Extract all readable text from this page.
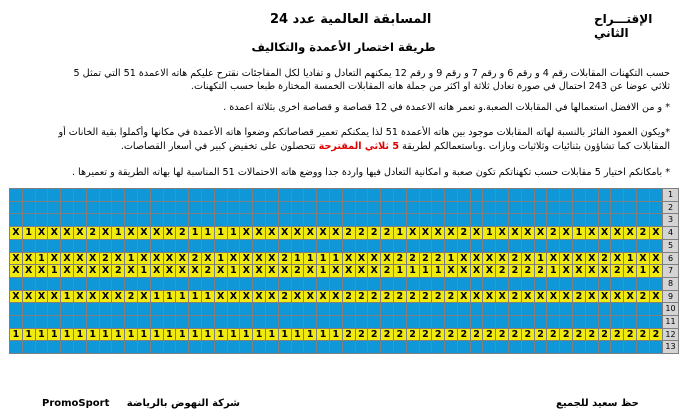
الإقتـــراح الثاني
المسابقة العالمية عدد 24
طريقة اختصار الأعمدة والتكاليف
حسب التكهنات المقابلات رقم 4 و رقم 6 و رقم 7 و رقم 9 و رقم 12 يمكنهم التعادل و تفاديا لكل المفاجئات نقترح عليكم هاته الاعمدة 51 التي تمثل 5
ثلاثي عوضا عن 243 احتمال في صورة تعادل ثلاثة او اكثر من جملة هاته المقابلات الخمسة المختارة طبعا حسب التكهنات.
* و من الافضل استعمالها في المقابلات الصعبة.و تعمر هاته الاعمدة في 12 قصاصة و قصاصة اخرى بثلاثة اعمدة .
*ويكون العمود الفائز بالنسبة لهاته المقابلات موجود بين هاته الأعمدة 51 لذا يمكنكم تعمير قصاصاتكم وضعوا هاته الأعمدة في مكانها وأكملوا بقية الخانات أو
المقابلات كما تشاؤون بثنائيات وثلاثيات وبازات .وباستعمالكم لطريقة 5 ثلاثي المقترحة تتحصلون على تخفيض كبير في أسعار القصاصات.
* بامكانكم اختيار 5 مقابلات حسب تكهناتكم تكون صعبة و امكانية التعادل فيها واردة جدا ووضع هاته الاحتمالات 51 المناسبة لها بهاته الطريقة و تعميرها .
																																																			1
																																																			2
																																																			3
X	1	X	X	X	X	2	X	1	X	X	X	X	2	1	1	1	1	X	X	X	X	X	X	X	X	2	2	2	2	1	X	X	X	X	2	X	1	X	X	X	X	2	X	1	X	X	X	X	2	X	4
																																																			5
X	X	1	X	X	X	X	2	X	1	X	X	X	X	2	X	1	X	X	X	X	2	1	1	1	1	X	X	X	X	2	2	2	2	1	X	X	X	X	2	X	1	X	X	X	X	2	X	1	X	X	6
X	X	X	1	X	X	X	X	2	X	1	X	X	X	X	2	X	1	X	X	X	X	2	X	1	X	X	X	X	2	1	1	1	1	X	X	X	X	2	2	2	2	1	X	X	X	X	2	X	1	X	7
																																																			8
X	X	X	X	1	X	X	X	X	2	X	1	1	1	1	1	X	X	X	X	X	2	X	X	X	X	2	2	2	2	2	2	2	2	2	X	X	X	X	2	X	X	X	X	2	X	X	X	X	2	X	9
																																																			10
																																																			11
1	1	1	1	1	1	1	1	1	1	1	1	1	1	1	1	1	1	1	1	1	1	1	1	1	1	2	2	2	2	2	2	2	2	2	2	2	2	2	2	2	2	2	2	2	2	2	2	2	2	2	12
																																																			13
حظ سعيد للجميع
PromoSport شركة النهوض بالرياضة
